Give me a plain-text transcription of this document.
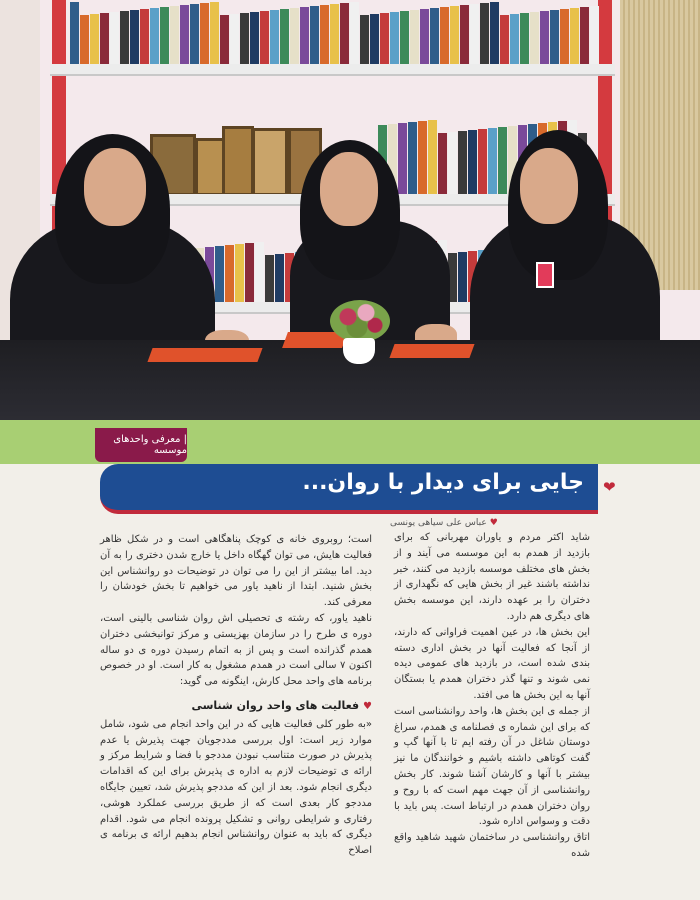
| معرفی واحدهای موسسه
جایی برای دیدار با روان... ❤
♥عباس علی سیاهی یونسی

شاید اکثر مردم و یاوران مهربانی که برای بازدید از همدم به این موسسه می آیند و از بخش های مختلف موسسه بازدید می کنند، خبر نداشته باشند غیر از بخش هایی که نگهداری از دختران را بر عهده دارند، این موسسه بخش های دیگری هم دارد.

این بخش ها، در عین اهمیت فراوانی که دارند، از آنجا که فعالیت آنها در بخش اداری دسته بندی شده است، در بازدید های عمومی دیده نمی شوند و تنها گذر دختران همدم یا بستگان آنها به این بخش ها می افتد.

از جمله ی این بخش ها، واحد روانشناسی است که برای این شماره ی فصلنامه ی همدم، سراغ دوستان شاغل در آن رفته ایم تا با آنها گپ و گفت کوتاهی داشته باشیم و خوانندگان ما نیز بیشتر با آنها و کارشان آشنا شوند. کار بخش روانشناسی از آن جهت مهم است که با روح و روان دختران همدم در ارتباط است. پس باید با دقت و وسواس اداره شود.

اتاق روانشناسی در ساختمان شهید شاهید واقع شده

است؛ روبروی خانه ی کوچک پناهگاهی است و در شکل ظاهر فعالیت هایش، می توان گهگاه داخل یا خارج شدن دختری را به آن دید. اما بیشتر از این را می توان در توضیحات دو روانشناس این بخش شنید. ابتدا از ناهید یاور می خواهیم تا بخش خودشان را معرفی کند.

ناهید یاور، که رشته ی تحصیلی اش روان شناسی بالینی است، دوره ی طرح را در سازمان بهزیستی و مرکز توانبخشی دختران همدم گذرانده است و پس از به اتمام رسیدن دوره ی دو ساله اکنون ۷ سالی است در همدم مشغول به کار است. او در خصوص برنامه های واحد محل کارش، اینگونه می گوید:

♥فعالیت های واحد روان شناسی

«به طور کلی فعالیت هایی که در این واحد انجام می شود، شامل موارد زیر است: اول بررسی مددجویان جهت پذیرش یا عدم پذیرش در صورت متناسب نبودن مددجو با فضا و شرایط مرکز و ارائه ی توضیحات لازم به اداره ی پذیرش برای این که اقدامات دیگری انجام شود. بعد از این که مددجو پذیرش شد، تعیین جایگاه مددجو کار بعدی است که از طریق بررسی عملکرد هوشی، رفتاری و شرایطی روانی و تشکیل پرونده انجام می شود. اقدام دیگری که باید به عنوان روانشناس انجام بدهیم ارائه ی برنامه ی اصلاح
